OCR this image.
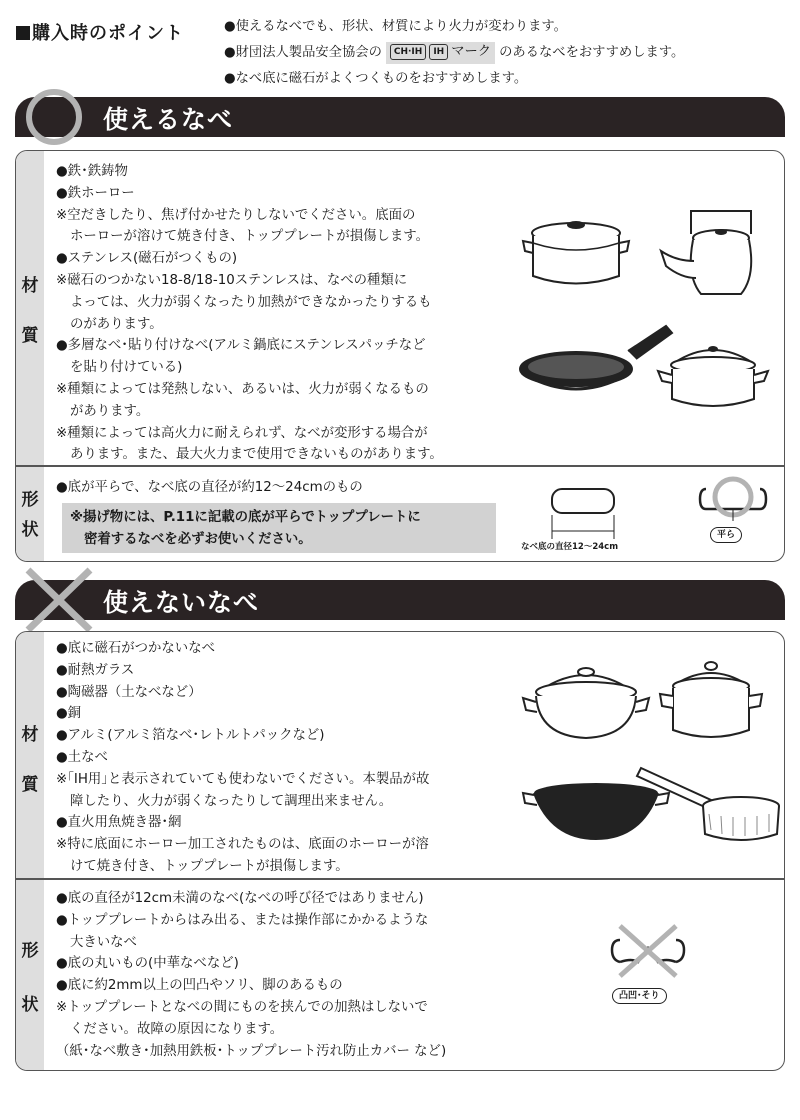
購入時のポイント	●使えるなべでも、形状、材質により火力が変わります。
●財団法人製品安全協会の CH·IH IH マーク のあるなべをおすすめします。
●なべ底に磁石がよくつくものをおすすめします。
使えるなべ
材
質
形
状
●鉄･鉄鋳物
●鉄ホーロー
※空だきしたり、焦げ付かせたりしないでください。底面の
ホーローが溶けて焼き付き、トッププレートが損傷します。
●ステンレス(磁石がつくもの)
※磁石のつかない18-8/18-10ステンレスは、なべの種類に
よっては、火力が弱くなったり加熱ができなかったりするも
のがあります。
●多層なべ･貼り付けなべ(アルミ鍋底にステンレスパッチなど
を貼り付けている)
※種類によっては発熱しない、あるいは、火力が弱くなるもの
があります。
※種類によっては高火力に耐えられず、なべが変形する場合が
あります。また、最大火力まで使用できないものがあります。
●底が平らで、なべ底の直径が約12～24cmのもの
※揚げ物には、P.11に記載の底が平らでトッププレートに
密着するなべを必ずお使いください。	なべ底の直径12～24cm
平ら
使えないなべ
材
質
形
状
●底に磁石がつかないなべ
●耐熱ガラス
●陶磁器（土なべなど）
●銅
●アルミ(アルミ箔なべ･レトルトパックなど)
●土なべ
※｢IH用｣と表示されていても使わないでください。本製品が故
障したり、火力が弱くなったりして調理出来ません。
●直火用魚焼き器･網
※特に底面にホーロー加工されたものは、底面のホーローが溶
けて焼き付き、トッププレートが損傷します。
●底の直径が12cm未満のなべ(なべの呼び径ではありません)
●トッププレートからはみ出る、または操作部にかかるような
大きいなべ
●底の丸いもの(中華なべなど)
●底に約2mm以上の凹凸やソリ、脚のあるもの
※トッププレートとなべの間にものを挟んでの加熱はしないで
ください。故障の原因になります。
（紙･なべ敷き･加熱用鉄板･トッププレート汚れ防止カバー など)
凸凹･そり
